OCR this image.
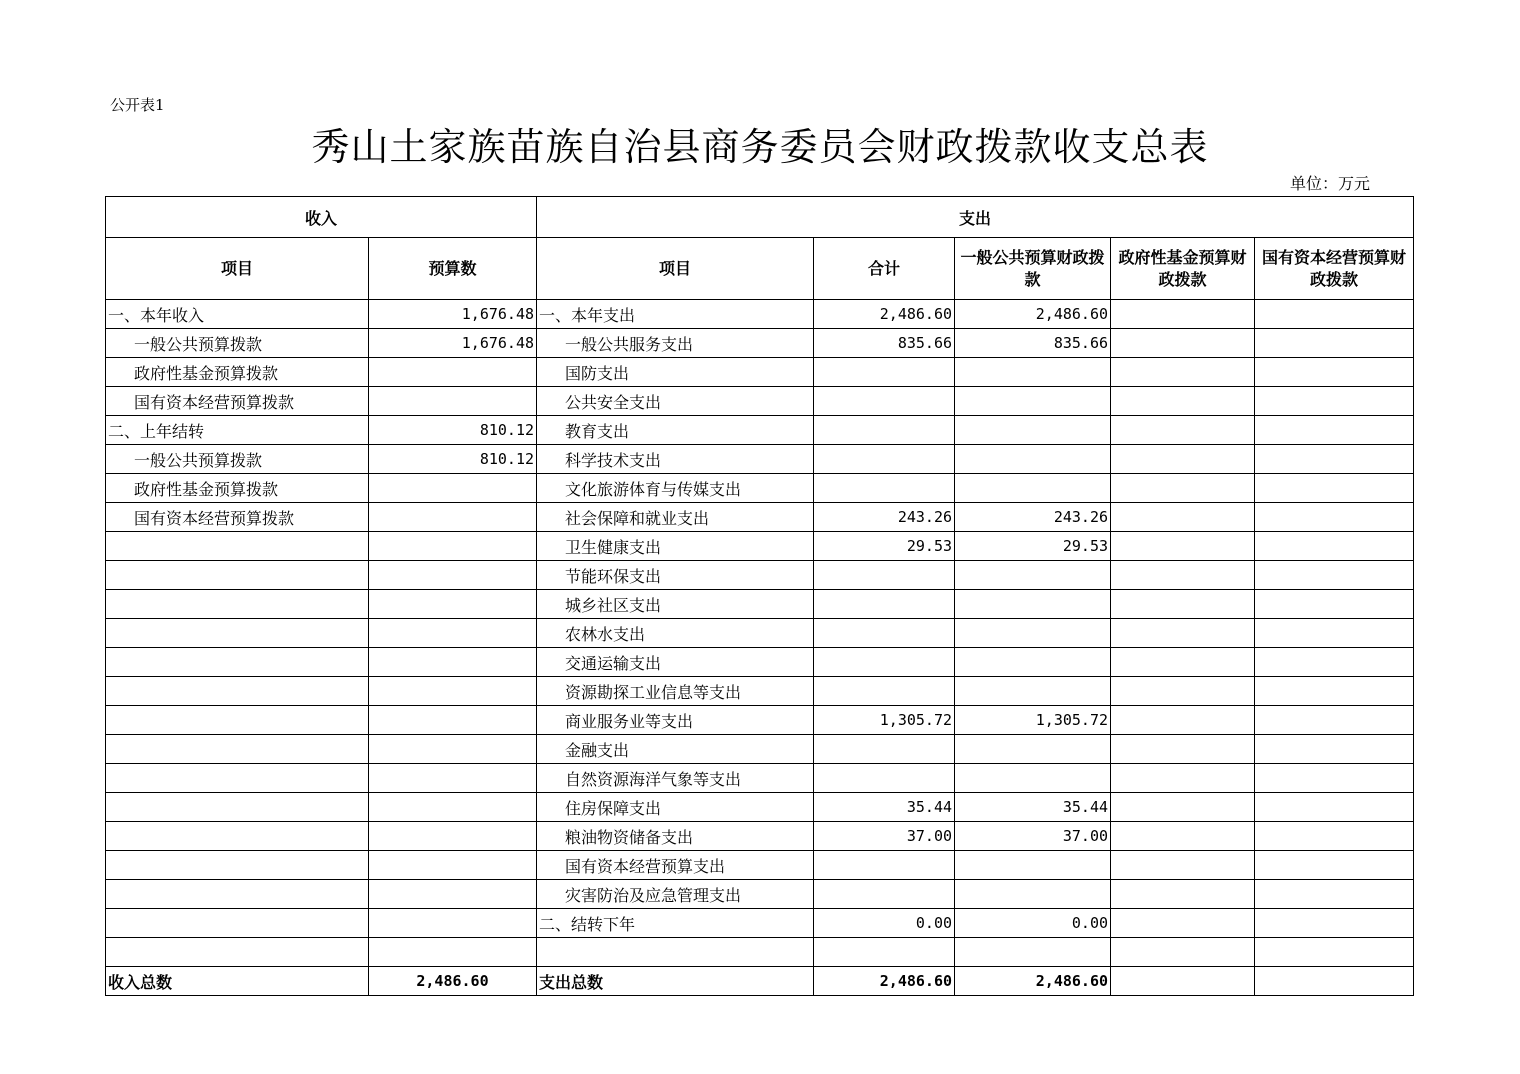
公开表1
秀山土家族苗族自治县商务委员会财政拨款收支总表
单位：万元
收入		支出				
项目	预算数	项目	合计	一般公共预算财政拨款	政府性基金预算财政拨款	国有资本经营预算财政拨款
一、本年收入	1,676.48	一、本年支出	2,486.60	2,486.60		
一般公共预算拨款	1,676.48	一般公共服务支出	835.66	835.66		
政府性基金预算拨款		国防支出				
国有资本经营预算拨款		公共安全支出				
二、上年结转	810.12	教育支出				
一般公共预算拨款	810.12	科学技术支出				
政府性基金预算拨款		文化旅游体育与传媒支出				
国有资本经营预算拨款		社会保障和就业支出	243.26	243.26		
		卫生健康支出	29.53	29.53		
		节能环保支出				
		城乡社区支出				
		农林水支出				
		交通运输支出				
		资源勘探工业信息等支出				
		商业服务业等支出	1,305.72	1,305.72		
		金融支出				
		自然资源海洋气象等支出				
		住房保障支出	35.44	35.44		
		粮油物资储备支出	37.00	37.00		
		国有资本经营预算支出				
		灾害防治及应急管理支出				
		二、结转下年	0.00	0.00		

收入总数	2,486.60	支出总数	2,486.60	2,486.60		
